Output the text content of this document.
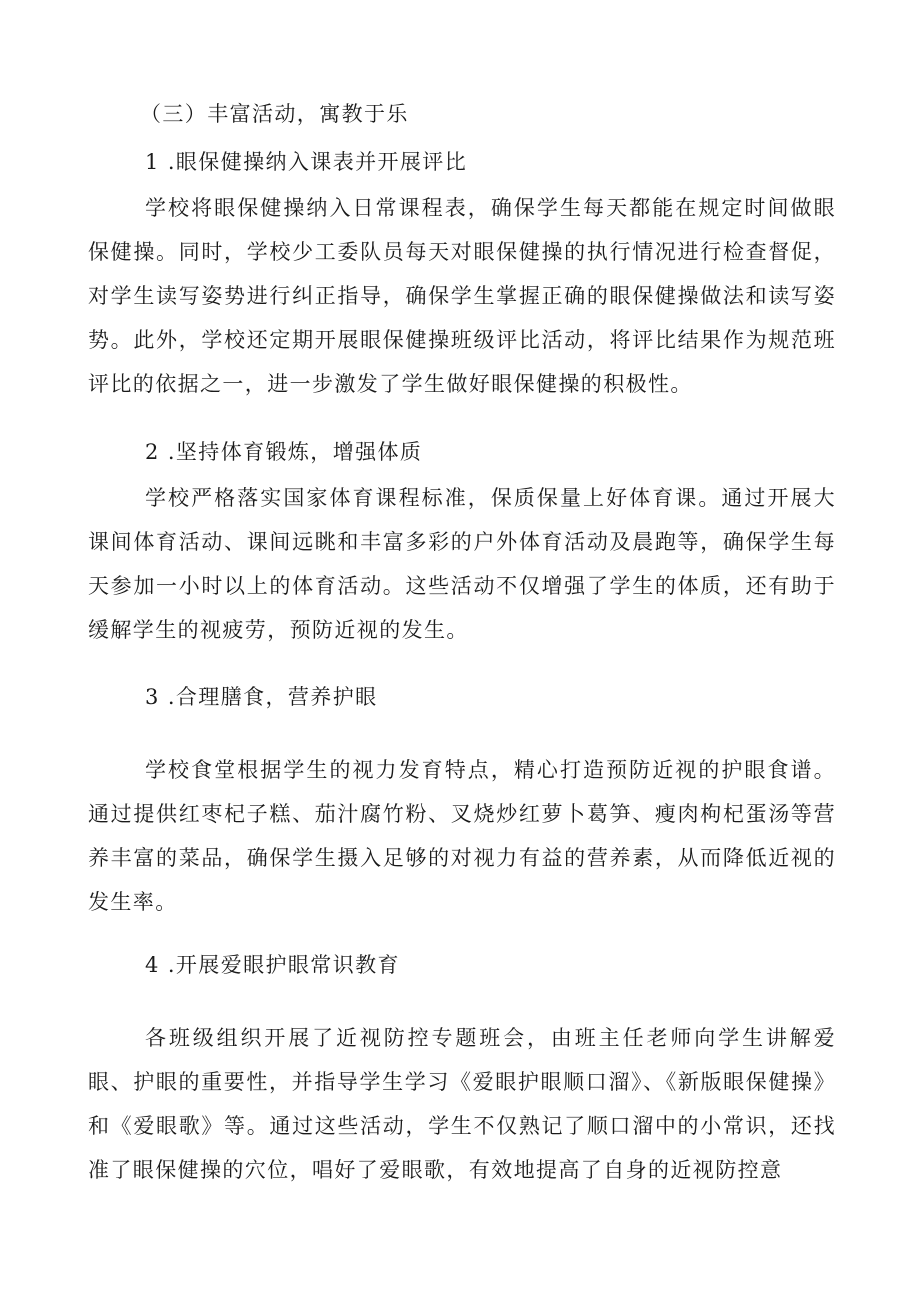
（三）丰富活动，寓教于乐

1 .眼保健操纳入课表并开展评比

学校将眼保健操纳入日常课程表，确保学生每天都能在规定时间做眼保健操。同时，学校少工委队员每天对眼保健操的执行情况进行检查督促，对学生读写姿势进行纠正指导，确保学生掌握正确的眼保健操做法和读写姿势。此外，学校还定期开展眼保健操班级评比活动，将评比结果作为规范班评比的依据之一，进一步激发了学生做好眼保健操的积极性。

2 .坚持体育锻炼，增强体质

学校严格落实国家体育课程标准，保质保量上好体育课。通过开展大课间体育活动、课间远眺和丰富多彩的户外体育活动及晨跑等，确保学生每天参加一小时以上的体育活动。这些活动不仅增强了学生的体质，还有助于缓解学生的视疲劳，预防近视的发生。

3 .合理膳食，营养护眼

学校食堂根据学生的视力发育特点，精心打造预防近视的护眼食谱。通过提供红枣杞子糕、茄汁腐竹粉、叉烧炒红萝卜葛笋、瘦肉枸杞蛋汤等营养丰富的菜品，确保学生摄入足够的对视力有益的营养素，从而降低近视的发生率。

4 .开展爱眼护眼常识教育

各班级组织开展了近视防控专题班会，由班主任老师向学生讲解爱眼、护眼的重要性，并指导学生学习《爱眼护眼顺口溜》、《新版眼保健操》和《爱眼歌》等。通过这些活动，学生不仅熟记了顺口溜中的小常识，还找准了眼保健操的穴位，唱好了爱眼歌，有效地提高了自身的近视防控意
